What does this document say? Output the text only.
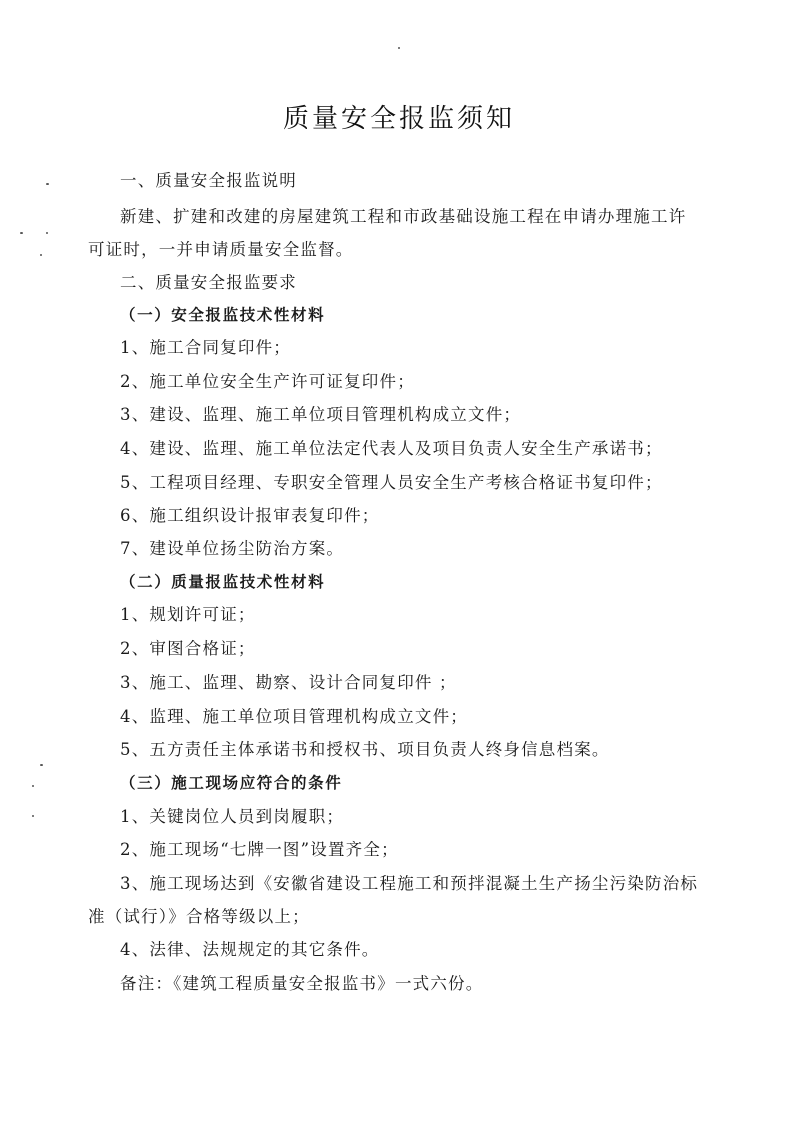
质量安全报监须知
一、质量安全报监说明
新建、扩建和改建的房屋建筑工程和市政基础设施工程在申请办理施工许
可证时，一并申请质量安全监督。
二、质量安全报监要求
（一）安全报监技术性材料
1、施工合同复印件；
2、施工单位安全生产许可证复印件；
3、建设、监理、施工单位项目管理机构成立文件；
4、建设、监理、施工单位法定代表人及项目负责人安全生产承诺书；
5、工程项目经理、专职安全管理人员安全生产考核合格证书复印件；
6、施工组织设计报审表复印件；
7、建设单位扬尘防治方案。
（二）质量报监技术性材料
1、规划许可证；
2、审图合格证；
3、施工、监理、勘察、设计合同复印件 ；
4、监理、施工单位项目管理机构成立文件；
5、五方责任主体承诺书和授权书、项目负责人终身信息档案。
（三）施工现场应符合的条件
1、关键岗位人员到岗履职；
2、施工现场“七牌一图”设置齐全；
3、施工现场达到《安徽省建设工程施工和预拌混凝土生产扬尘污染防治标
准（试行）》合格等级以上；
4、法律、法规规定的其它条件。
备注：《建筑工程质量安全报监书》一式六份。
